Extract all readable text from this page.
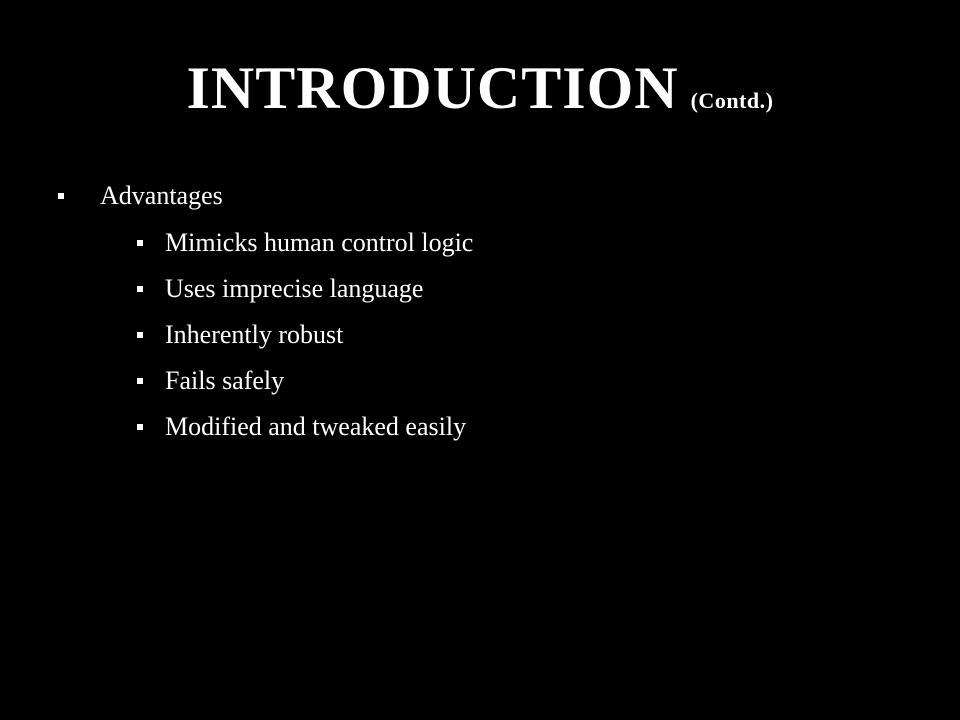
INTRODUCTION (Contd.)
Advantages
Mimicks human control logic
Uses imprecise language
Inherently robust
Fails safely
Modified and tweaked easily
